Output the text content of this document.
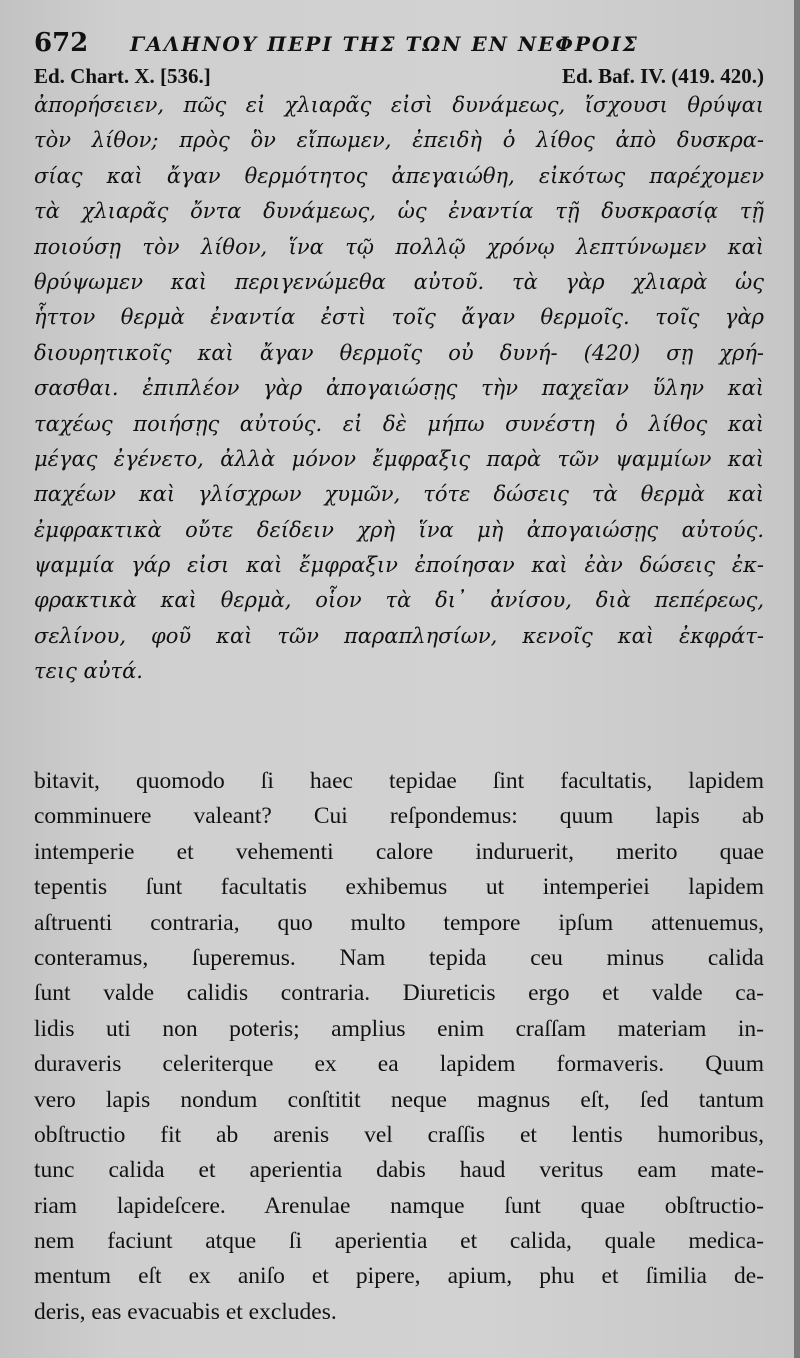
672 ΓΑΛΗΝΟΥ ΠΕΡΙ ΤΗΣ ΤΩΝ ΕΝ ΝΕΦΡΟΙΣ
Ed. Chart. X. [536.]	Ed. Baf. IV. (419. 420.)
ἀπορήσειεν, πῶς εἰ χλιαρᾶς εἰσὶ δυνάμεως, ἴσχουσι θρύψαι
τὸν λίθον; πρὸς ὃν εἴπωμεν, ἐπειδὴ ὁ λίθος ἀπὸ δυσκρα-
σίας καὶ ἄγαν θερμότητος ἀπεγαιώθη, εἰκότως παρέχομεν
τὰ χλιαρᾶς ὄντα δυνάμεως, ὡς ἐναντία τῇ δυσκρασίᾳ τῇ
ποιούσῃ τὸν λίθον, ἵνα τῷ πολλῷ χρόνῳ λεπτύνωμεν καὶ
θρύψωμεν καὶ περιγενώμεθα αὐτοῦ. τὰ γὰρ χλιαρὰ ὡς
ἧττον θερμὰ ἐναντία ἐστὶ τοῖς ἄγαν θερμοῖς. τοῖς γὰρ
διουρητικοῖς καὶ ἄγαν θερμοῖς οὐ δυνή- (420) σῃ χρή-
σασθαι. ἐπιπλέον γὰρ ἀπογαιώσῃς τὴν παχεῖαν ὕλην καὶ
ταχέως ποιήσῃς αὐτούς. εἰ δὲ μήπω συνέστη ὁ λίθος καὶ
μέγας ἐγένετο, ἀλλὰ μόνον ἔμφραξις παρὰ τῶν ψαμμίων καὶ
παχέων καὶ γλίσχρων χυμῶν, τότε δώσεις τὰ θερμὰ καὶ
ἐμφρακτικὰ οὔτε δείδειν χρὴ ἵνα μὴ ἀπογαιώσῃς αὐτούς.
ψαμμία γάρ εἰσι καὶ ἔμφραξιν ἐποίησαν καὶ ἐὰν δώσεις ἐκ-
φρακτικὰ καὶ θερμὰ, οἷον τὰ δι᾽ ἀνίσου, διὰ πεπέρεως,
σελίνου, φοῦ καὶ τῶν παραπλησίων, κενοῖς καὶ ἐκφράτ-
τεις αὐτά.
bitavit, quomodo ſi haec tepidae ſint facultatis, lapidem
comminuere valeant? Cui reſpondemus: quum lapis ab
intemperie et vehementi calore induruerit, merito quae
tepentis ſunt facultatis exhibemus ut intemperiei lapidem
aſtruenti contraria, quo multo tempore ipſum attenuemus,
conteramus, ſuperemus. Nam tepida ceu minus calida
ſunt valde calidis contraria. Diureticis ergo et valde ca-
lidis uti non poteris; amplius enim craſſam materiam in-
duraveris celeriterque ex ea lapidem formaveris. Quum
vero lapis nondum conſtitit neque magnus eſt, ſed tantum
obſtructio fit ab arenis vel craſſis et lentis humoribus,
tunc calida et aperientia dabis haud veritus eam mate-
riam lapideſcere. Arenulae namque ſunt quae obſtructio-
nem faciunt atque ſi aperientia et calida, quale medica-
mentum eſt ex aniſo et pipere, apium, phu et ſimilia de-
deris, eas evacuabis et excludes.
